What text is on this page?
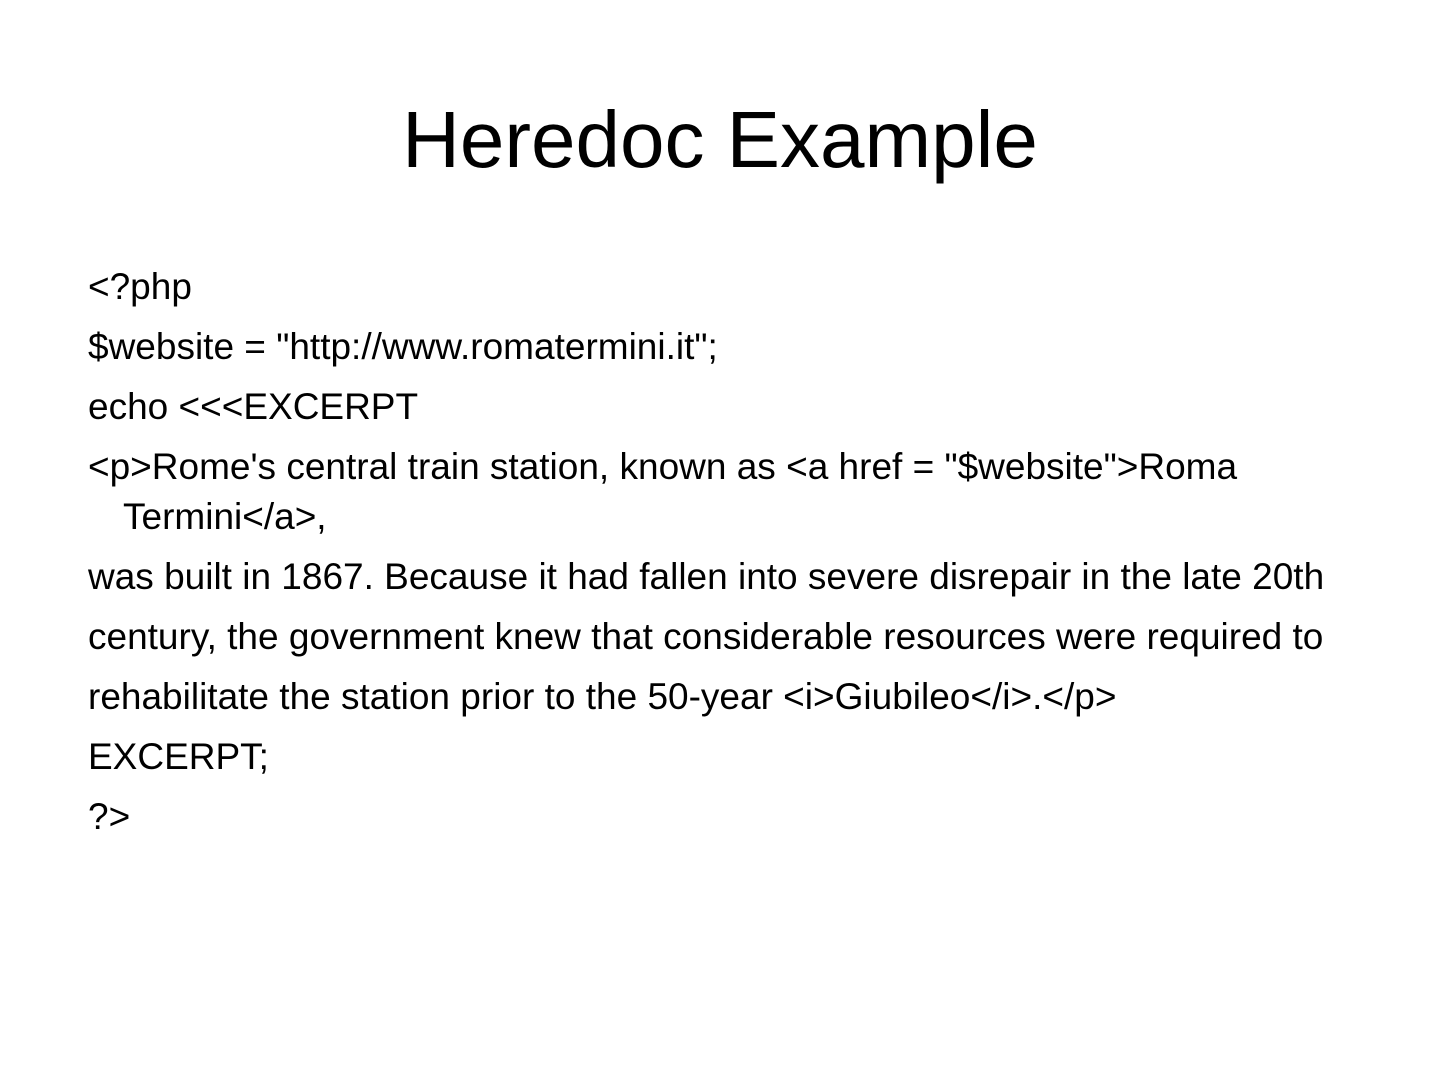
Heredoc Example
<?php
$website = "http://www.romatermini.it";
echo <<<EXCERPT
<p>Rome's central train station, known as <a href = "$website">Roma Termini</a>,
was built in 1867. Because it had fallen into severe disrepair in the late 20th
century, the government knew that considerable resources were required to
rehabilitate the station prior to the 50-year <i>Giubileo</i>.</p>
EXCERPT;
?>
